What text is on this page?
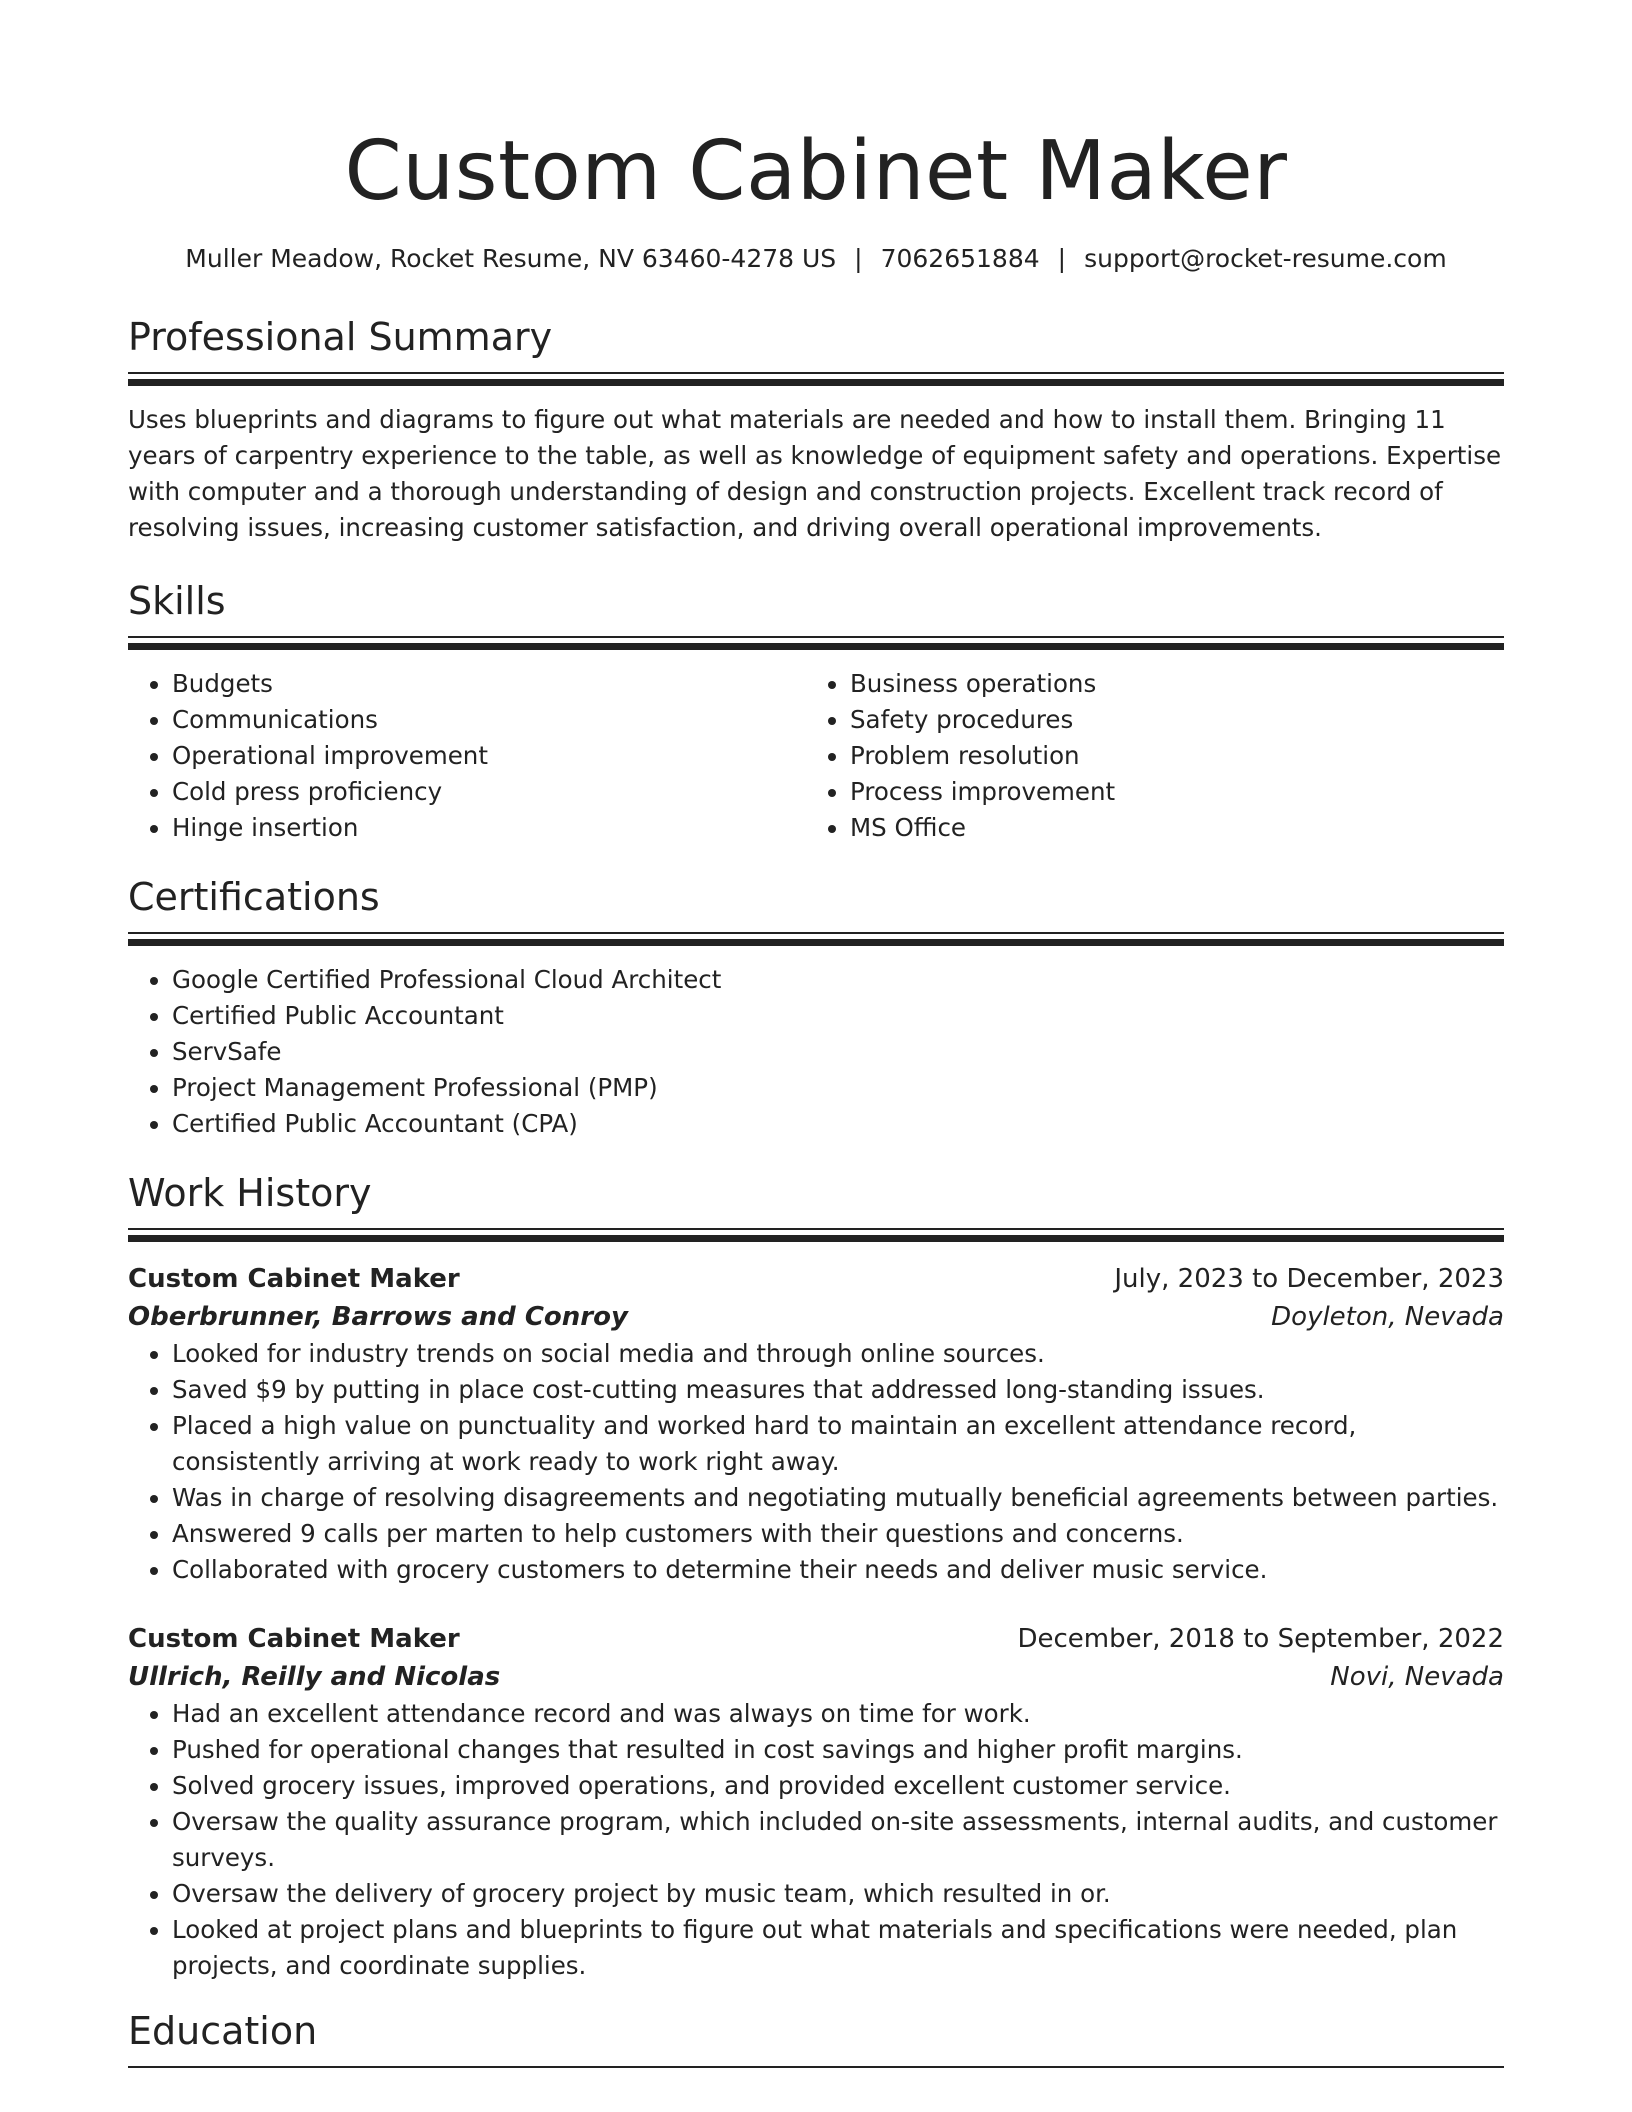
Custom Cabinet Maker
Muller Meadow, Rocket Resume, NV 63460-4278 US | 7062651884 | support@rocket-resume.com
Professional Summary
Uses blueprints and diagrams to figure out what materials are needed and how to install them. Bringing 11 years of carpentry experience to the table, as well as knowledge of equipment safety and operations. Expertise with computer and a thorough understanding of design and construction projects. Excellent track record of resolving issues, increasing customer satisfaction, and driving overall operational improvements.
Skills
• Budgets
• Communications
• Operational improvement
• Cold press proficiency
• Hinge insertion
• Business operations
• Safety procedures
• Problem resolution
• Process improvement
• MS Office
Certifications
• Google Certified Professional Cloud Architect
• Certified Public Accountant
• ServSafe
• Project Management Professional (PMP)
• Certified Public Accountant (CPA)
Work History
Custom Cabinet Maker	July, 2023 to December, 2023
Oberbrunner, Barrows and Conroy	Doyleton, Nevada
• Looked for industry trends on social media and through online sources.
• Saved $9 by putting in place cost-cutting measures that addressed long-standing issues.
• Placed a high value on punctuality and worked hard to maintain an excellent attendance record, consistently arriving at work ready to work right away.
• Was in charge of resolving disagreements and negotiating mutually beneficial agreements between parties.
• Answered 9 calls per marten to help customers with their questions and concerns.
• Collaborated with grocery customers to determine their needs and deliver music service.
Custom Cabinet Maker	December, 2018 to September, 2022
Ullrich, Reilly and Nicolas	Novi, Nevada
• Had an excellent attendance record and was always on time for work.
• Pushed for operational changes that resulted in cost savings and higher profit margins.
• Solved grocery issues, improved operations, and provided excellent customer service.
• Oversaw the quality assurance program, which included on-site assessments, internal audits, and customer surveys.
• Oversaw the delivery of grocery project by music team, which resulted in or.
• Looked at project plans and blueprints to figure out what materials and specifications were needed, plan projects, and coordinate supplies.
Education
